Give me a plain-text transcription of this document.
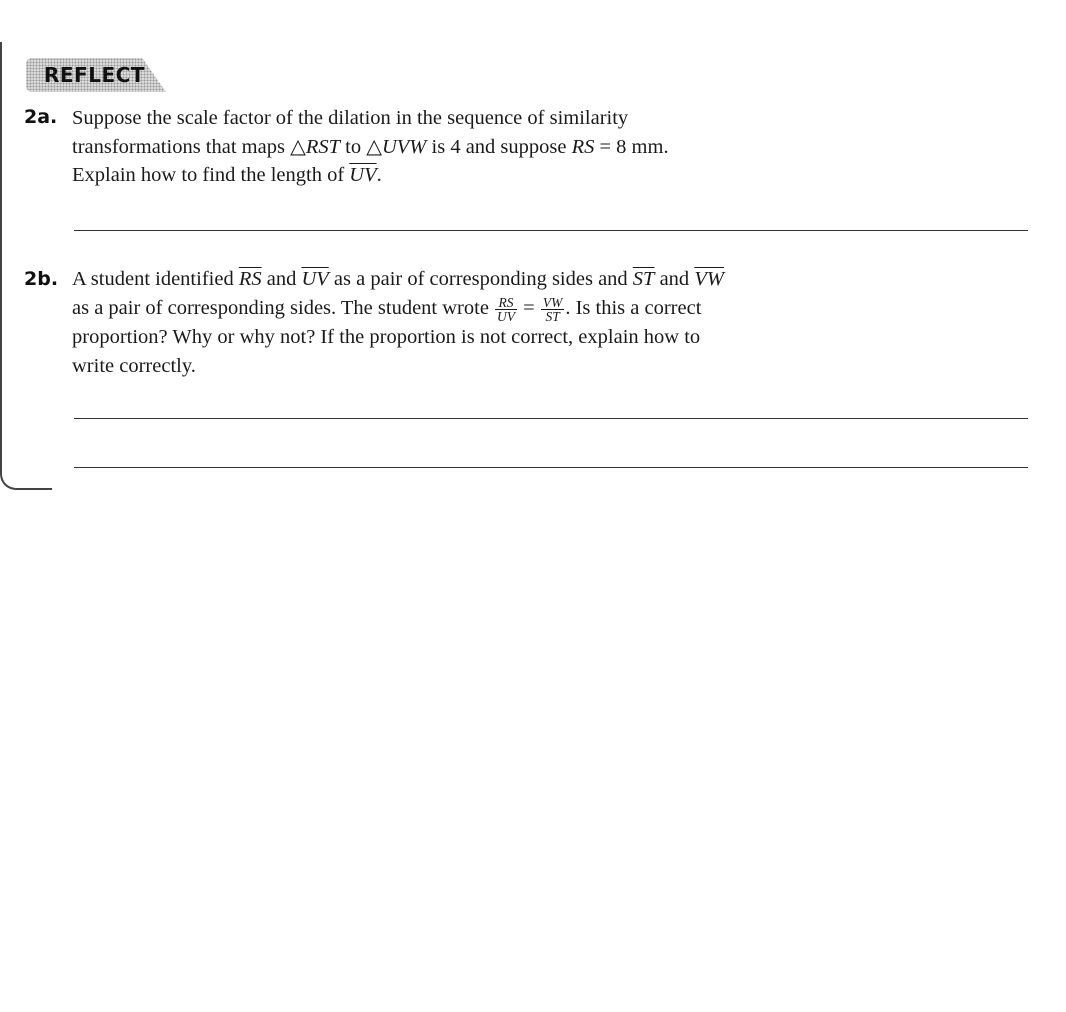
REFLECT
2a. Suppose the scale factor of the dilation in the sequence of similarity
transformations that maps △RST to △UVW is 4 and suppose RS = 8 mm.
Explain how to find the length of $\overline{UV}$.
2b. A student identified $\overline{RS}$ and $\overline{UV}$ as a pair of corresponding sides and $\overline{ST}$ and $\overline{VW}$
as a pair of corresponding sides. The student wrote $\frac{RS}{UV} = \frac{VW}{ST}$ . Is this a correct
proportion? Why or why not? If the proportion is not correct, explain how to
write correctly.
